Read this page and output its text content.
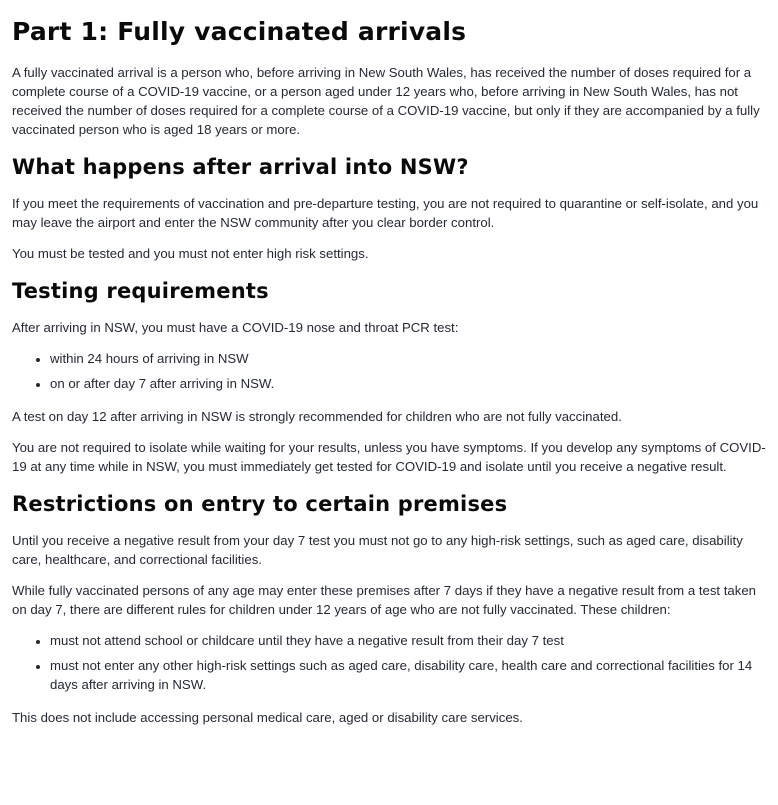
Part 1: Fully vaccinated arrivals

A fully vaccinated arrival is a person who, before arriving in New South Wales, has received the number of doses required for a complete course of a COVID-19 vaccine, or a person aged under 12 years who, before arriving in New South Wales, has not received the number of doses required for a complete course of a COVID-19 vaccine, but only if they are accompanied by a fully vaccinated person who is aged 18 years or more.

What happens after arrival into NSW?

If you meet the requirements of vaccination and pre-departure testing, you are not required to quarantine or self-isolate, and you may leave the airport and enter the NSW community after you clear border control.

You must be tested and you must not enter high risk settings.

Testing requirements

After arriving in NSW, you must have a COVID-19 nose and throat PCR test:

• within 24 hours of arriving in NSW
• on or after day 7 after arriving in NSW.

A test on day 12 after arriving in NSW is strongly recommended for children who are not fully vaccinated.

You are not required to isolate while waiting for your results, unless you have symptoms. If you develop any symptoms of COVID-19 at any time while in NSW, you must immediately get tested for COVID-19 and isolate until you receive a negative result.

Restrictions on entry to certain premises

Until you receive a negative result from your day 7 test you must not go to any high-risk settings, such as aged care, disability care, healthcare, and correctional facilities.

While fully vaccinated persons of any age may enter these premises after 7 days if they have a negative result from a test taken on day 7, there are different rules for children under 12 years of age who are not fully vaccinated. These children:

• must not attend school or childcare until they have a negative result from their day 7 test
• must not enter any other high-risk settings such as aged care, disability care, health care and correctional facilities for 14 days after arriving in NSW.

This does not include accessing personal medical care, aged or disability care services.
